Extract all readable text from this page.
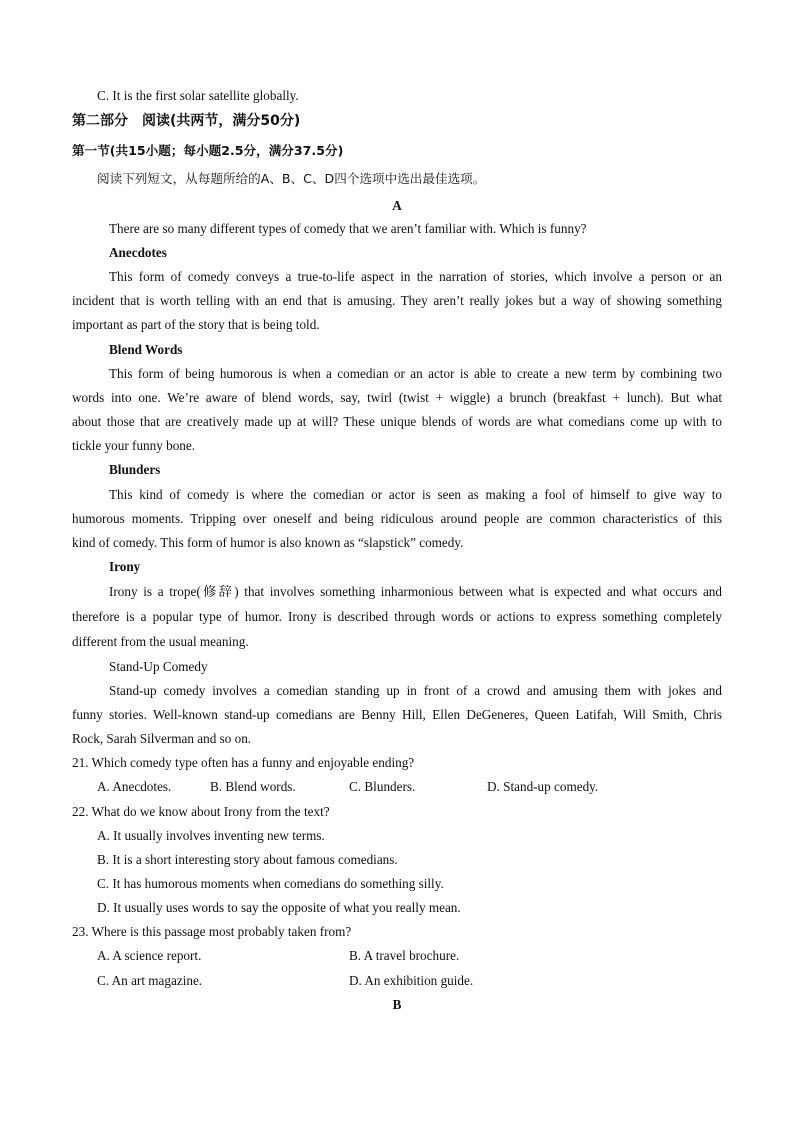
C. It is the first solar satellite globally.
第二部分　阅读(共两节，满分50分)
第一节(共15小题；每小题2.5分，满分37.5分)
阅读下列短文，从每题所给的A、B、C、D四个选项中选出最佳选项。
A
There are so many different types of comedy that we aren’t familiar with. Which is funny?
Anecdotes
This form of comedy conveys a true-to-life aspect in the narration of stories, which involve a person or an
incident that is worth telling with an end that is amusing. They aren’t really jokes but a way of showing something
important as part of the story that is being told.
Blend Words
This form of being humorous is when a comedian or an actor is able to create a new term by combining two
words into one. We’re aware of blend words, say, twirl (twist + wiggle) a brunch (breakfast + lunch). But what
about those that are creatively made up at will? These unique blends of words are what comedians come up with to
tickle your funny bone.
Blunders
This kind of comedy is where the comedian or actor is seen as making a fool of himself to give way to
humorous moments. Tripping over oneself and being ridiculous around people are common characteristics of this
kind of comedy. This form of humor is also known as “slapstick” comedy.
Irony
Irony is a trope(修辞) that involves something inharmonious between what is expected and what occurs and
therefore is a popular type of humor. Irony is described through words or actions to express something completely
different from the usual meaning.
Stand-Up Comedy
Stand-up comedy involves a comedian standing up in front of a crowd and amusing them with jokes and
funny stories. Well-known stand-up comedians are Benny Hill, Ellen DeGeneres, Queen Latifah, Will Smith, Chris
Rock, Sarah Silverman and so on.
21. Which comedy type often has a funny and enjoyable ending?
A. Anecdotes.	B. Blend words.	C. Blunders.	D. Stand-up comedy.
22. What do we know about Irony from the text?
A. It usually involves inventing new terms.
B. It is a short interesting story about famous comedians.
C. It has humorous moments when comedians do something silly.
D. It usually uses words to say the opposite of what you really mean.
23. Where is this passage most probably taken from?
A. A science report.	B. A travel brochure.
C. An art magazine.	D. An exhibition guide.
B
